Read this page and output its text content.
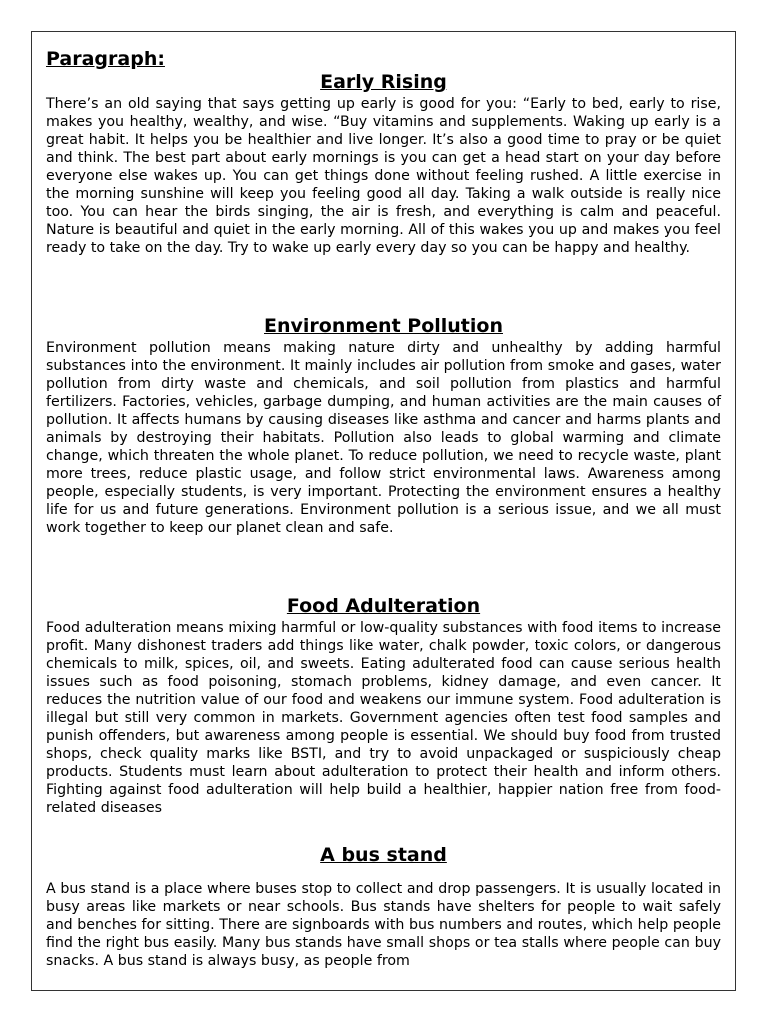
Paragraph:
Early Rising

There’s an old saying that says getting up early is good for you: “Early to bed, early to rise, makes you healthy, wealthy, and wise. “Buy vitamins and supplements. Waking up early is a great habit. It helps you be healthier and live longer. It’s also a good time to pray or be quiet and think. The best part about early mornings is you can get a head start on your day before everyone else wakes up. You can get things done without feeling rushed. A little exercise in the morning sunshine will keep you feeling good all day. Taking a walk outside is really nice too. You can hear the birds singing, the air is fresh, and everything is calm and peaceful. Nature is beautiful and quiet in the early morning. All of this wakes you up and makes you feel ready to take on the day. Try to wake up early every day so you can be happy and healthy.

Environment Pollution

Environment pollution means making nature dirty and unhealthy by adding harmful substances into the environment. It mainly includes air pollution from smoke and gases, water pollution from dirty waste and chemicals, and soil pollution from plastics and harmful fertilizers. Factories, vehicles, garbage dumping, and human activities are the main causes of pollution. It affects humans by causing diseases like asthma and cancer and harms plants and animals by destroying their habitats. Pollution also leads to global warming and climate change, which threaten the whole planet. To reduce pollution, we need to recycle waste, plant more trees, reduce plastic usage, and follow strict environmental laws. Awareness among people, especially students, is very important. Protecting the environment ensures a healthy life for us and future generations. Environment pollution is a serious issue, and we all must work together to keep our planet clean and safe.

Food Adulteration

Food adulteration means mixing harmful or low-quality substances with food items to increase profit. Many dishonest traders add things like water, chalk powder, toxic colors, or dangerous chemicals to milk, spices, oil, and sweets. Eating adulterated food can cause serious health issues such as food poisoning, stomach problems, kidney damage, and even cancer. It reduces the nutrition value of our food and weakens our immune system. Food adulteration is illegal but still very common in markets. Government agencies often test food samples and punish offenders, but awareness among people is essential. We should buy food from trusted shops, check quality marks like BSTI, and try to avoid unpackaged or suspiciously cheap products. Students must learn about adulteration to protect their health and inform others. Fighting against food adulteration will help build a healthier, happier nation free from food-related diseases

A bus stand

A bus stand is a place where buses stop to collect and drop passengers. It is usually located in busy areas like markets or near schools. Bus stands have shelters for people to wait safely and benches for sitting. There are signboards with bus numbers and routes, which help people find the right bus easily. Many bus stands have small shops or tea stalls where people can buy snacks. A bus stand is always busy, as people from
